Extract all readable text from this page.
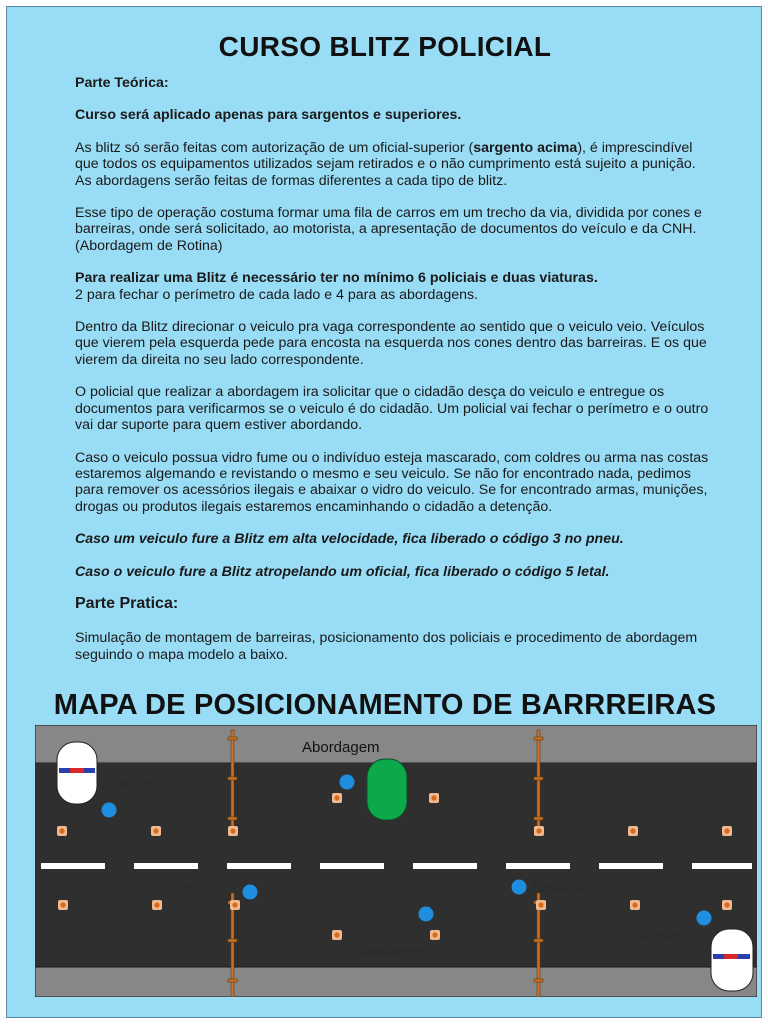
CURSO BLITZ POLICIAL

Parte Teórica:

Curso será aplicado apenas para sargentos e superiores.

As blitz só serão feitas com autorização de um oficial-superior (sargento acima), é imprescindível que todos os equipamentos utilizados sejam retirados e o não cumprimento está sujeito a punição. As abordagens serão feitas de formas diferentes a cada tipo de blitz.

Esse tipo de operação costuma formar uma fila de carros em um trecho da via, dividida por cones e barreiras, onde será solicitado, ao motorista, a apresentação de documentos do veículo e da CNH. (Abordagem de Rotina)

Para realizar uma Blitz é necessário ter no mínimo 6 policiais e duas viaturas.
2 para fechar o perímetro de cada lado e 4 para as abordagens.

Dentro da Blitz direcionar o veiculo pra vaga correspondente ao sentido que o veiculo veio. Veículos que vierem pela esquerda pede para encosta na esquerda nos cones dentro das barreiras. E os que vierem da direita no seu lado correspondente.

O policial que realizar a abordagem ira solicitar que o cidadão desça do veiculo e entregue os documentos para verificarmos se o veiculo é do cidadão. Um policial vai fechar o perímetro e o outro vai dar suporte para quem estiver abordando.

Caso o veiculo possua vidro fume ou o indivíduo esteja mascarado, com coldres ou arma nas costas estaremos algemando e revistando o mesmo e seu veiculo. Se não for encontrado nada, pedimos para remover os acessórios ilegais e abaixar o vidro do veiculo. Se for encontrado armas, munições, drogas ou produtos ilegais estaremos encaminhando o cidadão a detenção.

Caso um veiculo fure a Blitz em alta velocidade, fica liberado o código 3 no pneu.

Caso o veiculo fure a Blitz atropelando um oficial, fica liberado o código 5 letal.

Parte Pratica:

Simulação de montagem de barreiras, posicionamento dos policiais e procedimento de abordagem seguindo o mapa modelo a baixo.

MAPA DE POSICIONAMENTO DE BARRREIRAS
Abordagem
Perimetro
Assitência	Assitência
Abordagem
Perimetro
